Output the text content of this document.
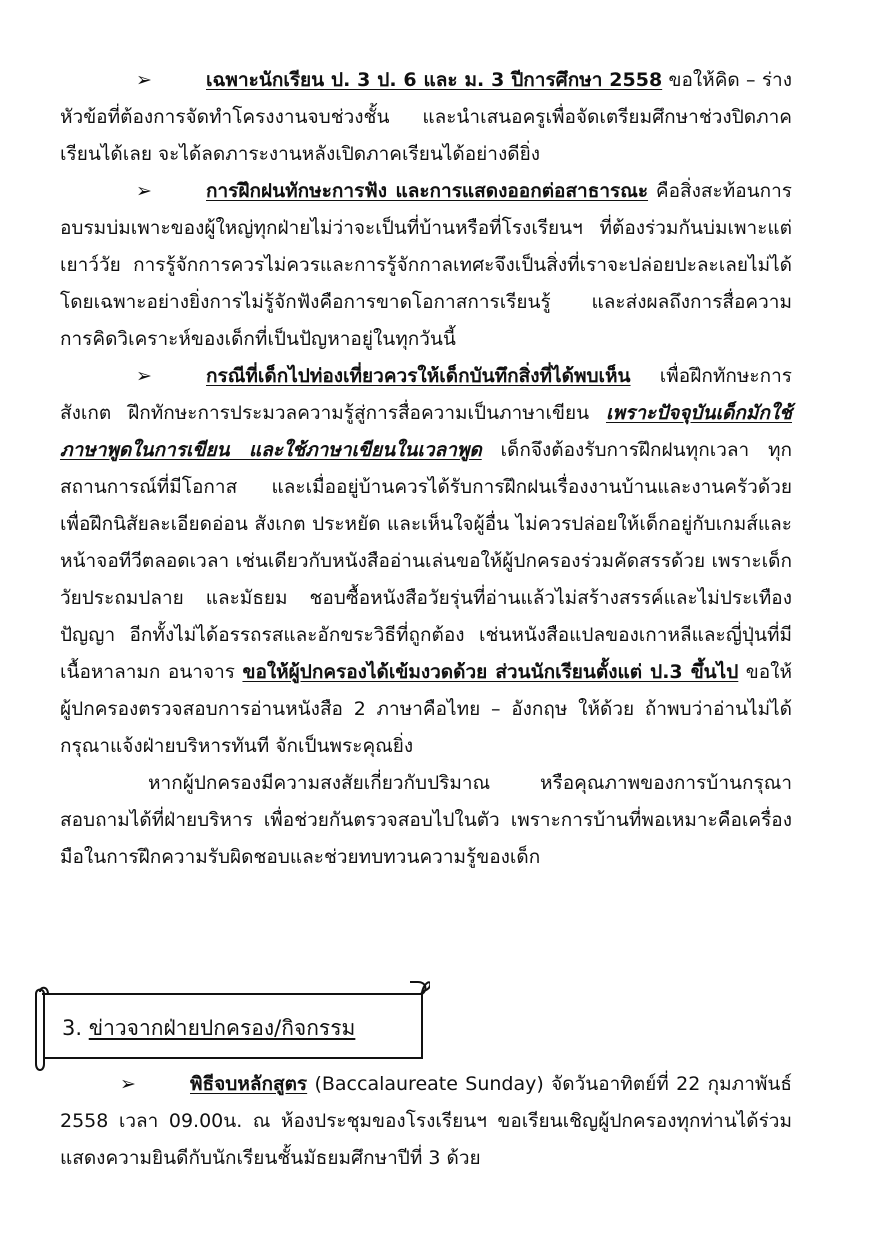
➢	เฉพาะนักเรียน ป. 3 ป. 6 และ ม. 3 ปีการศึกษา 2558 ขอให้คิด – ร่าง หัวข้อที่ต้องการจัดทำโครงงานจบช่วงชั้น และนำเสนอครูเพื่อจัดเตรียมศึกษาช่วงปิดภาคเรียนได้เลย จะได้ลดภาระงานหลังเปิดภาคเรียนได้อย่างดียิ่ง

➢	การฝึกฝนทักษะการฟัง และการแสดงออกต่อสาธารณะ คือสิ่งสะท้อนการอบรมบ่มเพาะของผู้ใหญ่ทุกฝ่ายไม่ว่าจะเป็นที่บ้านหรือที่โรงเรียนฯ ที่ต้องร่วมกันบ่มเพาะแต่เยาว์วัย การรู้จักการควรไม่ควรและการรู้จักกาลเทศะจึงเป็นสิ่งที่เราจะปล่อยปะละเลยไม่ได้ โดยเฉพาะอย่างยิ่งการไม่รู้จักฟังคือการขาดโอกาสการเรียนรู้ และส่งผลถึงการสื่อความ การคิดวิเคราะห์ของเด็กที่เป็นปัญหาอยู่ในทุกวันนี้

➢	กรณีที่เด็กไปท่องเที่ยวควรให้เด็กบันทึกสิ่งที่ได้พบเห็น เพื่อฝึกทักษะการสังเกต ฝึกทักษะการประมวลความรู้สู่การสื่อความเป็นภาษาเขียน เพราะปัจจุบันเด็กมักใช้ภาษาพูดในการเขียน และใช้ภาษาเขียนในเวลาพูด เด็กจึงต้องรับการฝึกฝนทุกเวลา ทุกสถานการณ์ที่มีโอกาส และเมื่ออยู่บ้านควรได้รับการฝึกฝนเรื่องงานบ้านและงานครัวด้วย เพื่อฝึกนิสัยละเอียดอ่อน สังเกต ประหยัด และเห็นใจผู้อื่น ไม่ควรปล่อยให้เด็กอยู่กับเกมส์และหน้าจอทีวีตลอดเวลา เช่นเดียวกับหนังสืออ่านเล่นขอให้ผู้ปกครองร่วมคัดสรรด้วย เพราะเด็กวัยประถมปลาย และมัธยม ชอบซื้อหนังสือวัยรุ่นที่อ่านแล้วไม่สร้างสรรค์และไม่ประเทืองปัญญา อีกทั้งไม่ได้อรรถรสและอักขระวิธีที่ถูกต้อง เช่นหนังสือแปลของเกาหลีและญี่ปุ่นที่มีเนื้อหาลามก อนาจาร ขอให้ผู้ปกครองได้เข้มงวดด้วย ส่วนนักเรียนตั้งแต่ ป.3 ขึ้นไป ขอให้ผู้ปกครองตรวจสอบการอ่านหนังสือ 2 ภาษาคือไทย – อังกฤษ ให้ด้วย ถ้าพบว่าอ่านไม่ได้กรุณาแจ้งฝ่ายบริหารทันที จักเป็นพระคุณยิ่ง

หากผู้ปกครองมีความสงสัยเกี่ยวกับปริมาณ หรือคุณภาพของการบ้านกรุณาสอบถามได้ที่ฝ่ายบริหาร เพื่อช่วยกันตรวจสอบไปในตัว เพราะการบ้านที่พอเหมาะคือเครื่องมือในการฝึกความรับผิดชอบและช่วยทบทวนความรู้ของเด็ก

3. ข่าวจากฝ่ายปกครอง/กิจกรรม

➢	พิธีจบหลักสูตร (Baccalaureate Sunday) จัดวันอาทิตย์ที่ 22 กุมภาพันธ์ 2558 เวลา 09.00น. ณ ห้องประชุมของโรงเรียนฯ ขอเรียนเชิญผู้ปกครองทุกท่านได้ร่วมแสดงความยินดีกับนักเรียนชั้นมัธยมศึกษาปีที่ 3 ด้วย
